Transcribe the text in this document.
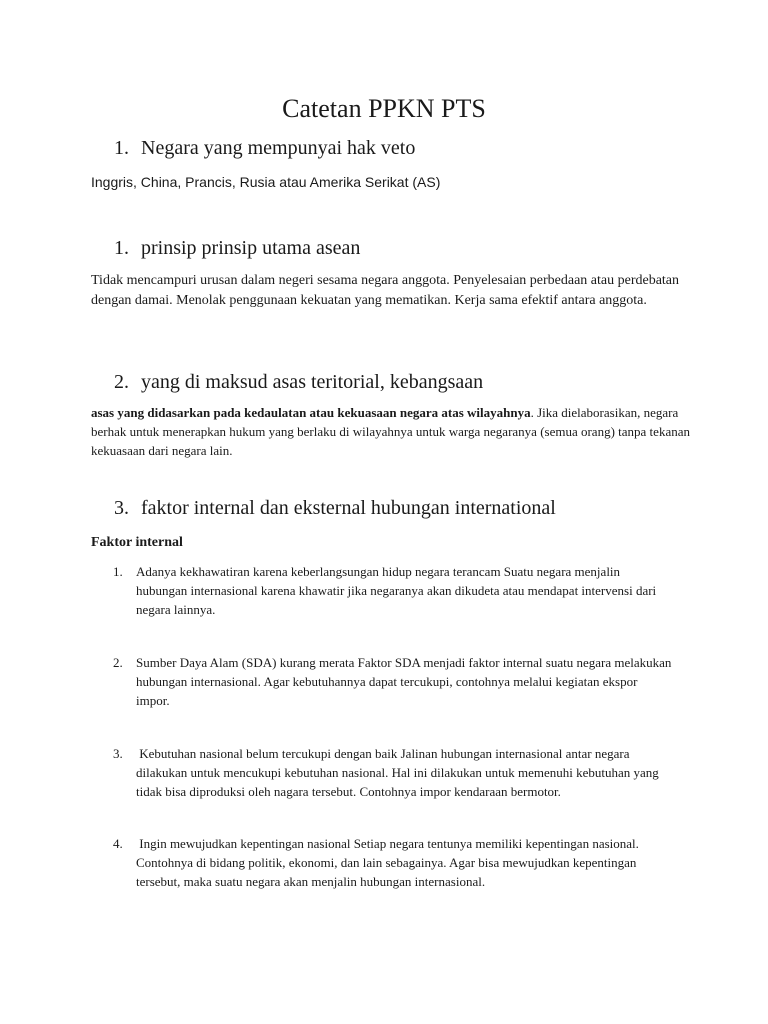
Catetan PPKN PTS
1. Negara yang mempunyai hak veto

Inggris, China, Prancis, Rusia atau Amerika Serikat (AS)

1. prinsip prinsip utama asean

Tidak mencampuri urusan dalam negeri sesama negara anggota. Penyelesaian perbedaan atau perdebatan dengan damai. Menolak penggunaan kekuatan yang mematikan. Kerja sama efektif antara anggota.

2. yang di maksud asas teritorial, kebangsaan

asas yang didasarkan pada kedaulatan atau kekuasaan negara atas wilayahnya. Jika dielaborasikan, negara berhak untuk menerapkan hukum yang berlaku di wilayahnya untuk warga negaranya (semua orang) tanpa tekanan kekuasaan dari negara lain.

3. faktor internal dan eksternal hubungan international

Faktor internal

1. Adanya kekhawatiran karena keberlangsungan hidup negara terancam Suatu negara menjalin hubungan internasional karena khawatir jika negaranya akan dikudeta atau mendapat intervensi dari negara lainnya.
2. Sumber Daya Alam (SDA) kurang merata Faktor SDA menjadi faktor internal suatu negara melakukan hubungan internasional. Agar kebutuhannya dapat tercukupi, contohnya melalui kegiatan ekspor impor.
3. Kebutuhan nasional belum tercukupi dengan baik Jalinan hubungan internasional antar negara dilakukan untuk mencukupi kebutuhan nasional. Hal ini dilakukan untuk memenuhi kebutuhan yang tidak bisa diproduksi oleh nagara tersebut. Contohnya impor kendaraan bermotor.
4. Ingin mewujudkan kepentingan nasional Setiap negara tentunya memiliki kepentingan nasional. Contohnya di bidang politik, ekonomi, dan lain sebagainya. Agar bisa mewujudkan kepentingan tersebut, maka suatu negara akan menjalin hubungan internasional.
